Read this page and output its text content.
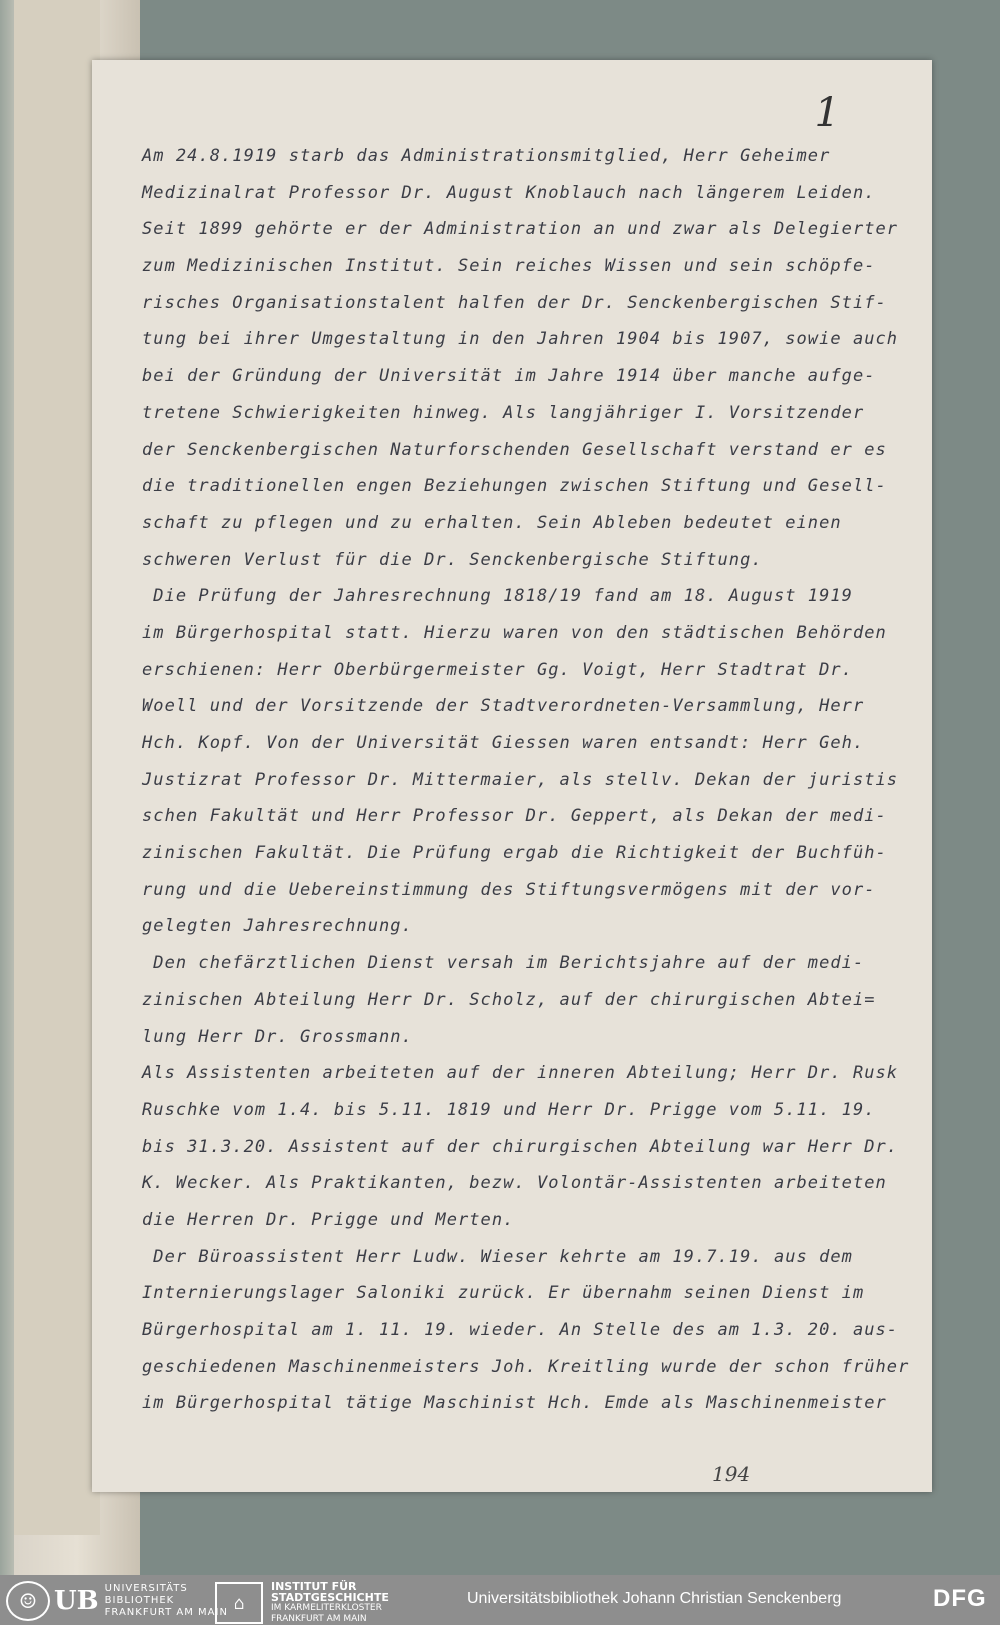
1
Am 24.8.1919 starb das Administrationsmitglied, Herr Geheimer
Medizinalrat Professor Dr. August Knoblauch nach längerem Leiden.
Seit 1899 gehörte er der Administration an und zwar als Delegierter
zum Medizinischen Institut. Sein reiches Wissen und sein schöpfe-
risches Organisationstalent halfen der Dr. Senckenbergischen Stif-
tung bei ihrer Umgestaltung in den Jahren 1904 bis 1907, sowie auch
bei der Gründung der Universität im Jahre 1914 über manche aufge-
tretene Schwierigkeiten hinweg. Als langjähriger I. Vorsitzender
der Senckenbergischen Naturforschenden Gesellschaft verstand er es
die traditionellen engen Beziehungen zwischen Stiftung und Gesell-
schaft zu pflegen und zu erhalten. Sein Ableben bedeutet einen
schweren Verlust für die Dr. Senckenbergische Stiftung.
Die Prüfung der Jahresrechnung 1818/19 fand am 18. August 1919
im Bürgerhospital statt. Hierzu waren von den städtischen Behörden
erschienen: Herr Oberbürgermeister Gg. Voigt, Herr Stadtrat Dr.
Woell und der Vorsitzende der Stadtverordneten-Versammlung, Herr
Hch. Kopf. Von der Universität Giessen waren entsandt: Herr Geh.
Justizrat Professor Dr. Mittermaier, als stellv. Dekan der juristis
schen Fakultät und Herr Professor Dr. Geppert, als Dekan der medi-
zinischen Fakultät. Die Prüfung ergab die Richtigkeit der Buchfüh-
rung und die Uebereinstimmung des Stiftungsvermögens mit der vor-
gelegten Jahresrechnung.
Den chefärztlichen Dienst versah im Berichtsjahre auf der medi-
zinischen Abteilung Herr Dr. Scholz, auf der chirurgischen Abtei=
lung Herr Dr. Grossmann.
Als Assistenten arbeiteten auf der inneren Abteilung; Herr Dr. Rusk
Ruschke vom 1.4. bis 5.11. 1819 und Herr Dr. Prigge vom 5.11. 19.
bis 31.3.20. Assistent auf der chirurgischen Abteilung war Herr Dr.
K. Wecker. Als Praktikanten, bezw. Volontär-Assistenten arbeiteten
die Herren Dr. Prigge und Merten.
Der Büroassistent Herr Ludw. Wieser kehrte am 19.7.19. aus dem
Internierungslager Saloniki zurück. Er übernahm seinen Dienst im
Bürgerhospital am 1. 11. 19. wieder. An Stelle des am 1.3. 20. aus-
geschiedenen Maschinenmeisters Joh. Kreitling wurde der schon früher
im Bürgerhospital tätige Maschinist Hch. Emde als Maschinenmeister
194
☺ UB UNIVERSITÄTS
BIBLIOTHEK
FRANKFURT AM MAIN ⌂
INSTITUT FÜR
STADTGESCHICHTE
IM KARMELITERKLOSTER
FRANKFURT AM MAIN
Universitätsbibliothek Johann Christian Senckenberg	DFG
